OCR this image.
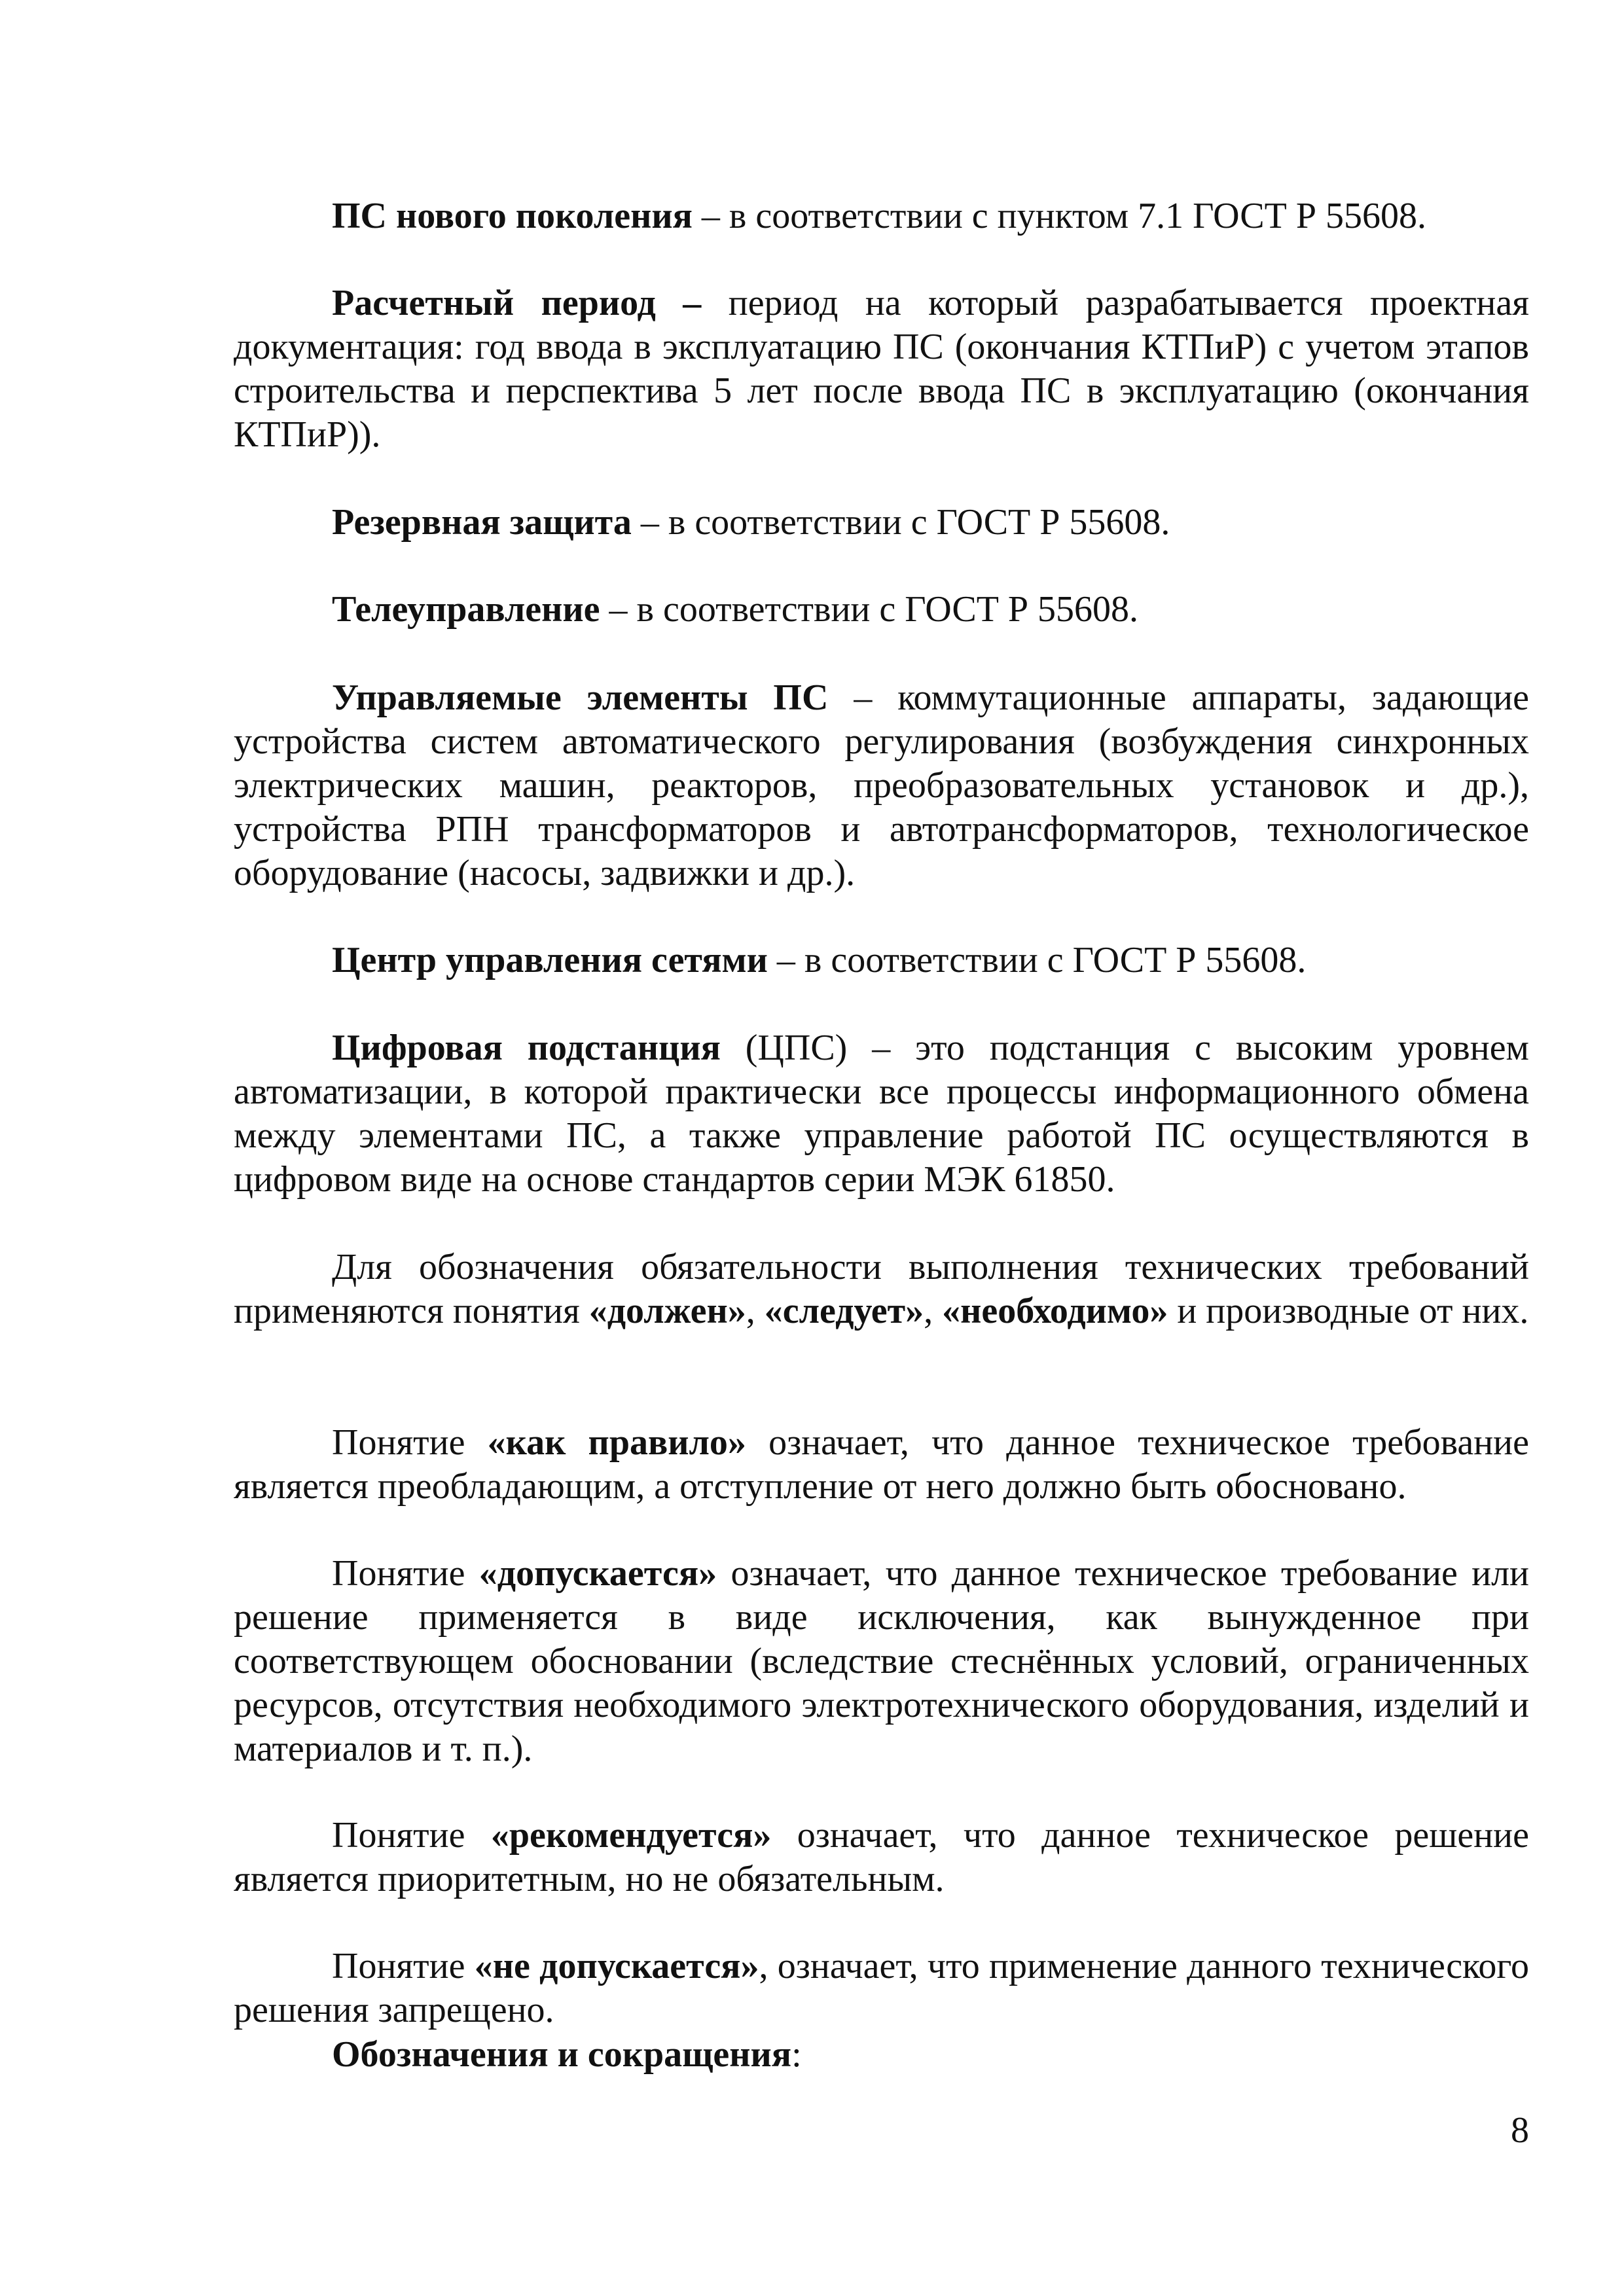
ПС нового поколения – в соответствии с пунктом 7.1 ГОСТ Р 55608.

Расчетный период – период на который разрабатывается проектная документация: год ввода в эксплуатацию ПС (окончания КТПиР) с учетом этапов строительства и перспектива 5 лет после ввода ПС в эксплуатацию (окончания КТПиР)).

Резервная защита – в соответствии с ГОСТ Р 55608.

Телеуправление – в соответствии с ГОСТ Р 55608.

Управляемые элементы ПС – коммутационные аппараты, задающие устройства систем автоматического регулирования (возбуждения синхронных электрических машин, реакторов, преобразовательных установок и др.), устройства РПН трансформаторов и автотрансформаторов, технологическое оборудование (насосы, задвижки и др.).

Центр управления сетями – в соответствии с ГОСТ Р 55608.

Цифровая подстанция (ЦПС) – это подстанция с высоким уровнем автоматизации, в которой практически все процессы информационного обмена между элементами ПС, а также управление работой ПС осуществляются в цифровом виде на основе стандартов серии МЭК 61850.

Для обозначения обязательности выполнения технических требований применяются понятия «должен», «следует», «необходимо» и производные от них.

Понятие «как правило» означает, что данное техническое требование является преобладающим, а отступление от него должно быть обосновано.

Понятие «допускается» означает, что данное техническое требование или решение применяется в виде исключения, как вынужденное при соответствующем обосновании (вследствие стеснённых условий, ограниченных ресурсов, отсутствия необходимого электротехнического оборудования, изделий и материалов и т. п.).

Понятие «рекомендуется» означает, что данное техническое решение является приоритетным, но не обязательным.

Понятие «не допускается», означает, что применение данного технического решения запрещено.

Обозначения и сокращения:

8
